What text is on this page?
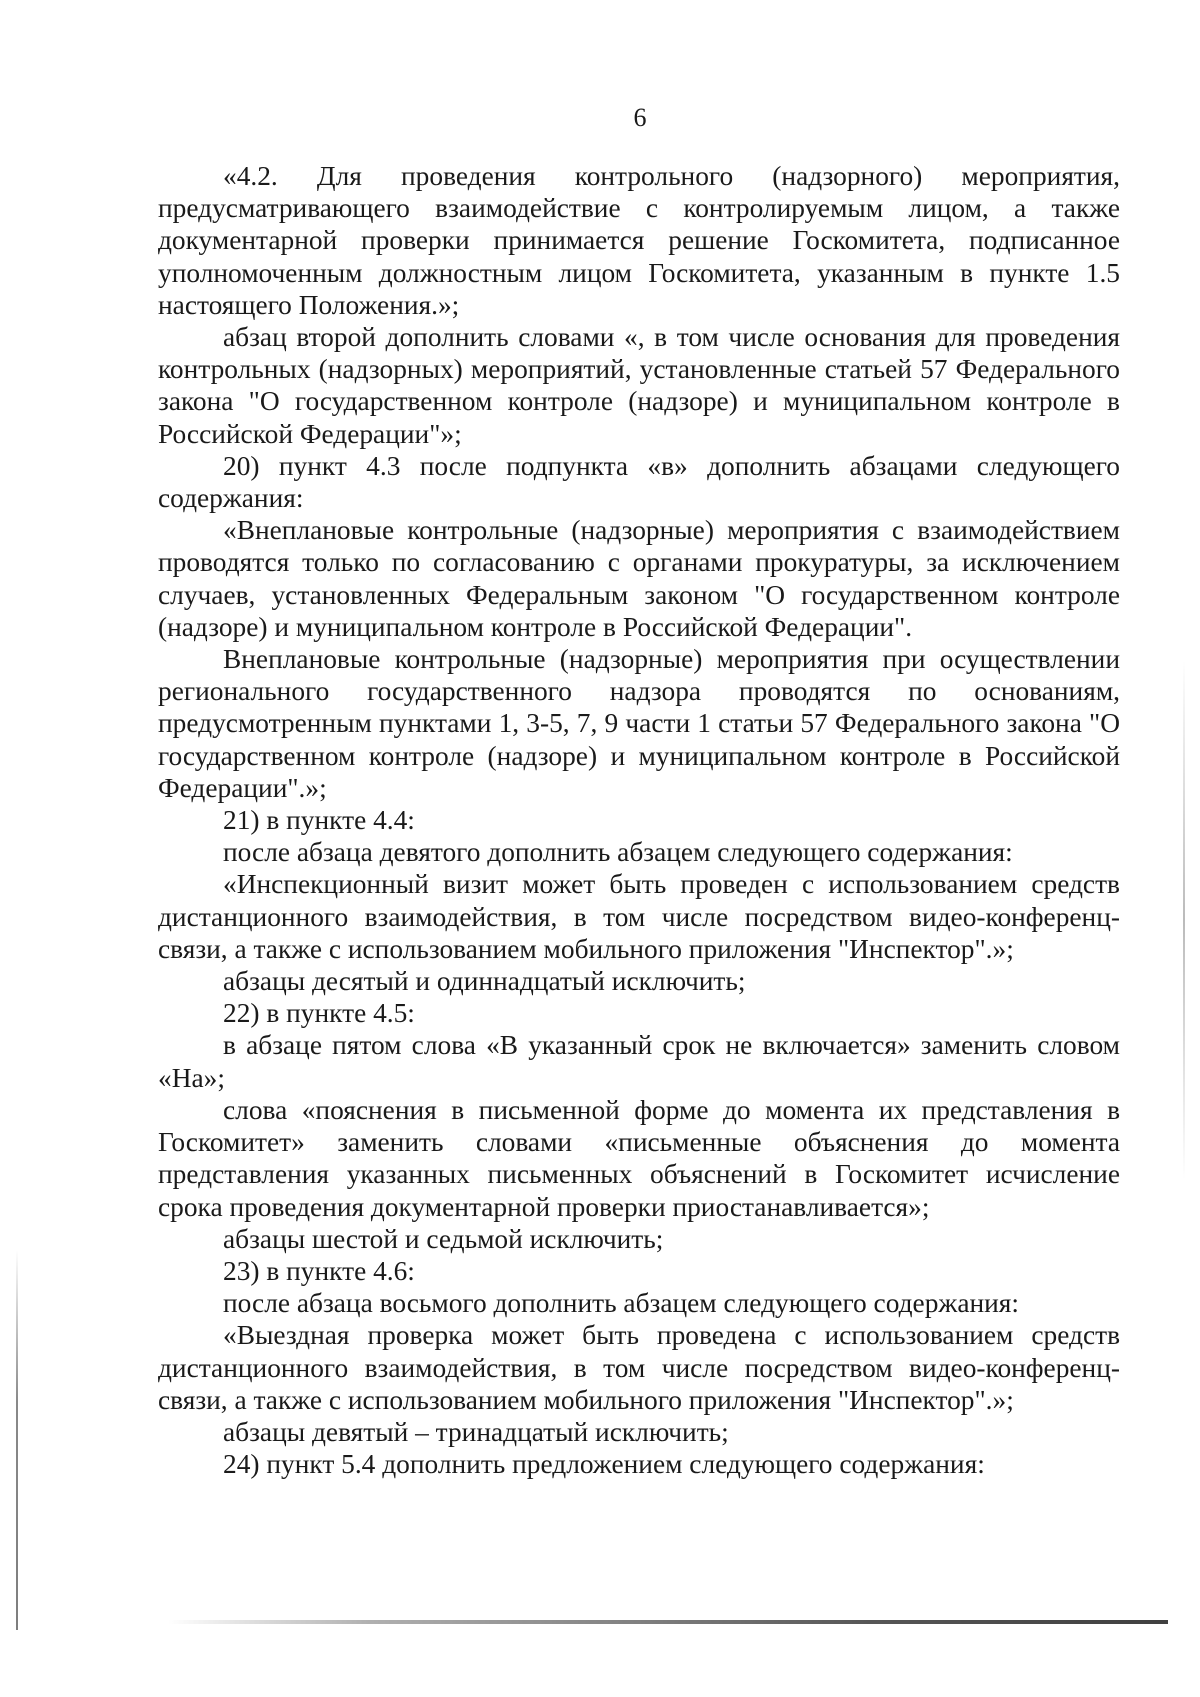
6

«4.2. Для проведения контрольного (надзорного) мероприятия, предусматривающего взаимодействие с контролируемым лицом, а также документарной проверки принимается решение Госкомитета, подписанное уполномоченным должностным лицом Госкомитета, указанным в пункте 1.5 настоящего Положения.»;

абзац второй дополнить словами «, в том числе основания для проведения контрольных (надзорных) мероприятий, установленные статьей 57 Федерального закона "О государственном контроле (надзоре) и муниципальном контроле в Российской Федерации"»;

20) пункт 4.3 после подпункта «в» дополнить абзацами следующего содержания:

«Внеплановые контрольные (надзорные) мероприятия с взаимодействием проводятся только по согласованию с органами прокуратуры, за исключением случаев, установленных Федеральным законом "О государственном контроле (надзоре) и муниципальном контроле в Российской Федерации".

Внеплановые контрольные (надзорные) мероприятия при осуществлении регионального государственного надзора проводятся по основаниям, предусмотренным пунктами 1, 3-5, 7, 9 части 1 статьи 57 Федерального закона "О государственном контроле (надзоре) и муниципальном контроле в Российской Федерации".»;

21) в пункте 4.4:

после абзаца девятого дополнить абзацем следующего содержания:

«Инспекционный визит может быть проведен с использованием средств дистанционного взаимодействия, в том числе посредством видео-конференц-связи, а также с использованием мобильного приложения "Инспектор".»;

абзацы десятый и одиннадцатый исключить;

22) в пункте 4.5:

в абзаце пятом слова «В указанный срок не включается» заменить словом «На»;

слова «пояснения в письменной форме до момента их представления в Госкомитет» заменить словами «письменные объяснения до момента представления указанных письменных объяснений в Госкомитет исчисление срока проведения документарной проверки приостанавливается»;

абзацы шестой и седьмой исключить;

23) в пункте 4.6:

после абзаца восьмого дополнить абзацем следующего содержания:

«Выездная проверка может быть проведена с использованием средств дистанционного взаимодействия, в том числе посредством видео-конференц-связи, а также с использованием мобильного приложения "Инспектор".»;

абзацы девятый – тринадцатый исключить;

24) пункт 5.4 дополнить предложением следующего содержания:
